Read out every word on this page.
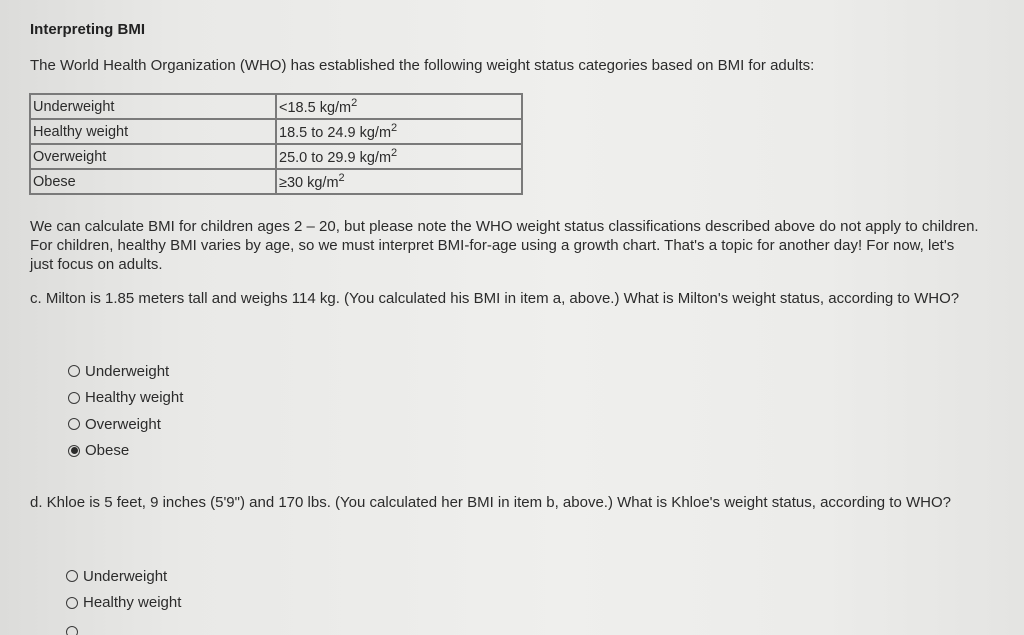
Interpreting BMI
The World Health Organization (WHO) has established the following weight status categories based on BMI for adults:
Underweight	<18.5 $kg/m^2$
Healthy weight	18.5 to 24.9 $kg/m^2$
Overweight	25.0 to 29.9 $kg/m^2$
Obese	≥30 $kg/m^2$
We can calculate BMI for children ages 2 – 20, but please note the WHO weight status classifications described above do not apply to children. For children, healthy BMI varies by age, so we must interpret BMI-for-age using a growth chart. That's a topic for another day! For now, let's just focus on adults.
c. Milton is 1.85 meters tall and weighs 114 kg. (You calculated his BMI in item a, above.) What is Milton's weight status, according to WHO?
Underweight
Healthy weight
Overweight
Obese
d. Khloe is 5 feet, 9 inches (5'9") and 170 lbs. (You calculated her BMI in item b, above.) What is Khloe's weight status, according to WHO?
Underweight
Healthy weight
